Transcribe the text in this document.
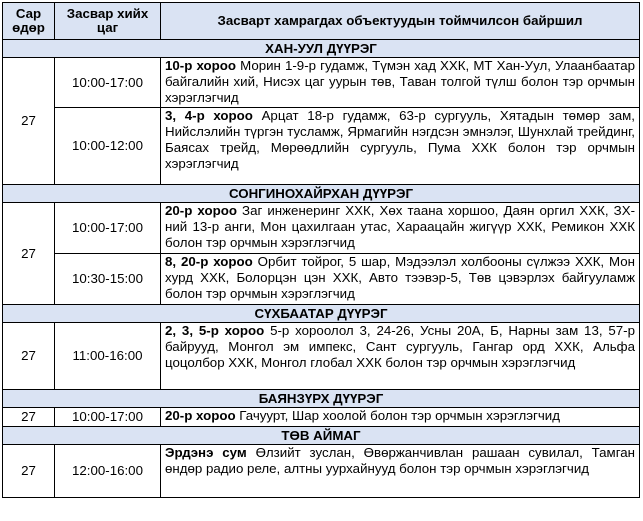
Сар өдөр	Засвар хийх цаг	Засварт хамрагдах объектуудын тоймчилсон байршил
ХАН-УУЛ ДҮҮРЭГ		
27	10:00-17:00	10-р хороо Морин 1-9-р гудамж, Түмэн хад ХХК, МТ Хан-Уул, Улаанбаатар байгалийн хий, Нисэх цаг уурын төв, Таван толгой түлш болон тэр орчмын хэрэглэгчид
	10:00-12:00	3, 4-р хороо Арцат 18-р гудамж, 63-р сургууль, Хятадын төмөр зам, Нийслэлийн түргэн тусламж, Ярмагийн нэгдсэн эмнэлэг, Шунхлай трейдинг, Баясах трейд, Мөрөөдлийн сургууль, Пума ХХК болон тэр орчмын хэрэглэгчид
СОНГИНОХАЙРХАН ДҮҮРЭГ		
27	10:00-17:00	20-р хороо Заг инженеринг ХХК, Хөх таана хоршоо, Даян оргил ХХК, ЗХ-ний 13-р анги, Мон цахилгаан утас, Хараацайн жигүүр ХХК, Ремикон ХХК болон тэр орчмын хэрэглэгчид
	10:30-15:00	8, 20-р хороо Орбит тойрог, 5 шар, Мэдээлэл холбооны сүлжээ ХХК, Мон хурд ХХК, Болорцэн цэн ХХК, Авто тээвэр-5, Төв цэвэрлэх байгууламж болон тэр орчмын хэрэглэгчид
СҮХБААТАР ДҮҮРЭГ		
27	11:00-16:00	2, 3, 5-р хороо 5-р хороолол 3, 24-26, Усны 20А, Б, Нарны зам 13, 57-р байрууд, Монгол эм импекс, Сант сургууль, Гангар орд ХХК, Альфа цоцолбор ХХК, Монгол глобал ХХК болон тэр орчмын хэрэглэгчид
БАЯНЗҮРХ ДҮҮРЭГ		
27	10:00-17:00	20-р хороо Гачуурт, Шар хоолой болон тэр орчмын хэрэглэгчид
ТӨВ АЙМАГ		
27	12:00-16:00	Эрдэнэ сум Өлзийт зуслан, Өвөржанчивлан рашаан сувилал, Тамган өндөр радио реле, алтны уурхайнууд болон тэр орчмын хэрэглэгчид
